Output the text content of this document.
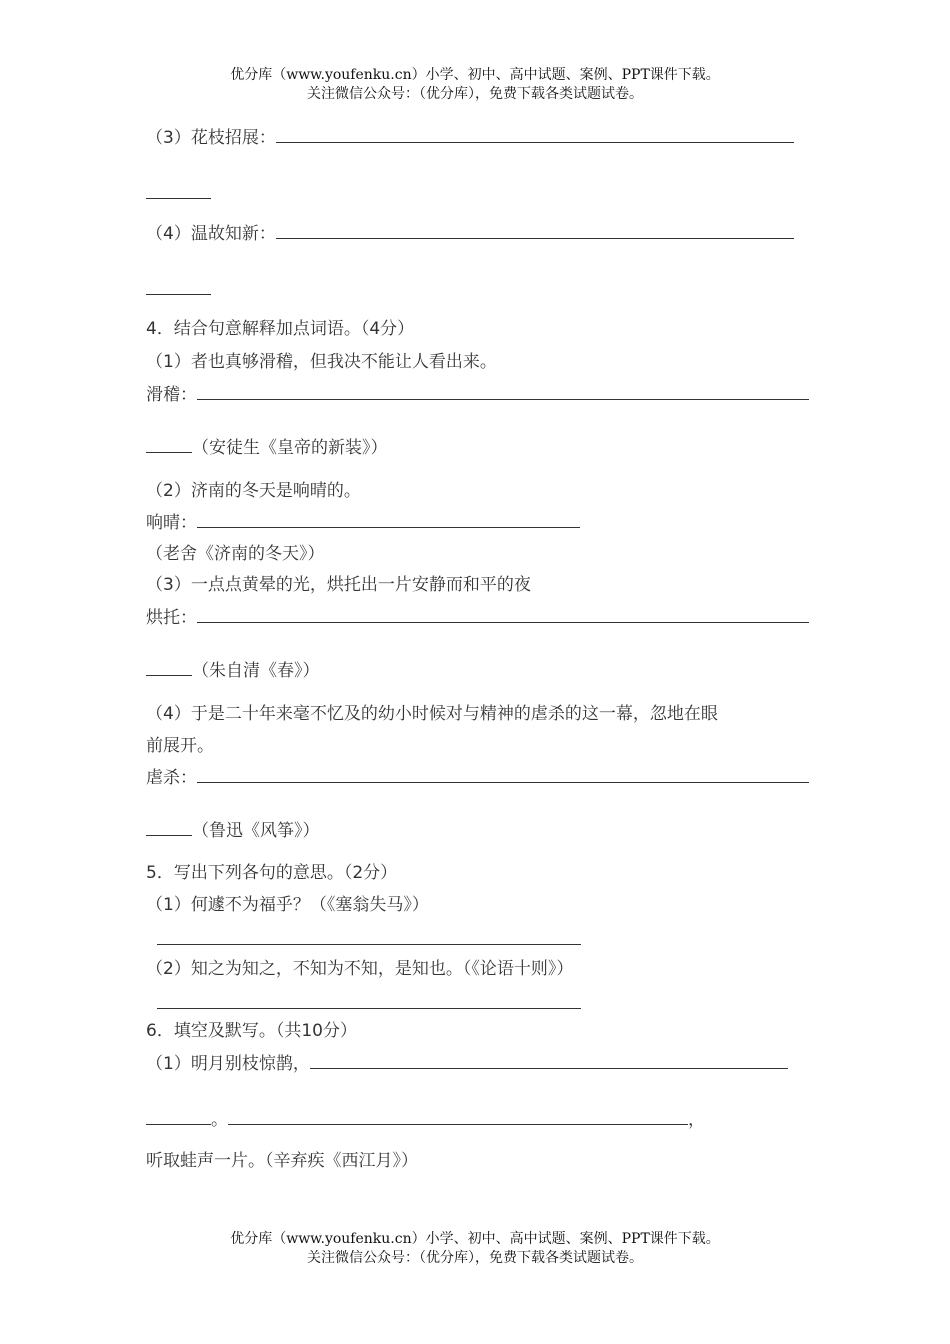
优分库（www.youfenku.cn）小学、初中、高中试题、案例、PPT课件下载。
关注微信公众号：（优分库），免费下载各类试题试卷。
（3）花枝招展：
（4）温故知新：
4．结合句意解释加点词语。（4分）
（1）者也真够滑稽，但我决不能让人看出来。
滑稽：
（安徒生《皇帝的新装》）
（2）济南的冬天是响晴的。
响晴：
（老舍《济南的冬天》）
（3）一点点黄晕的光，烘托出一片安静而和平的夜
烘托：
（朱自清《春》）
（4）于是二十年来毫不忆及的幼小时候对与精神的虐杀的这一幕，忽地在眼
前展开。
虐杀：
（鲁迅《风筝》）
5．写出下列各句的意思。（2分）
（1）何遽不为福乎？（《塞翁失马》）
（2）知之为知之，不知为不知，是知也。（《论语十则》）
6．填空及默写。（共10分）
（1）明月别枝惊鹊，
。	，
听取蛙声一片。（辛弃疾《西江月》）
优分库（www.youfenku.cn）小学、初中、高中试题、案例、PPT课件下载。
关注微信公众号：（优分库），免费下载各类试题试卷。
